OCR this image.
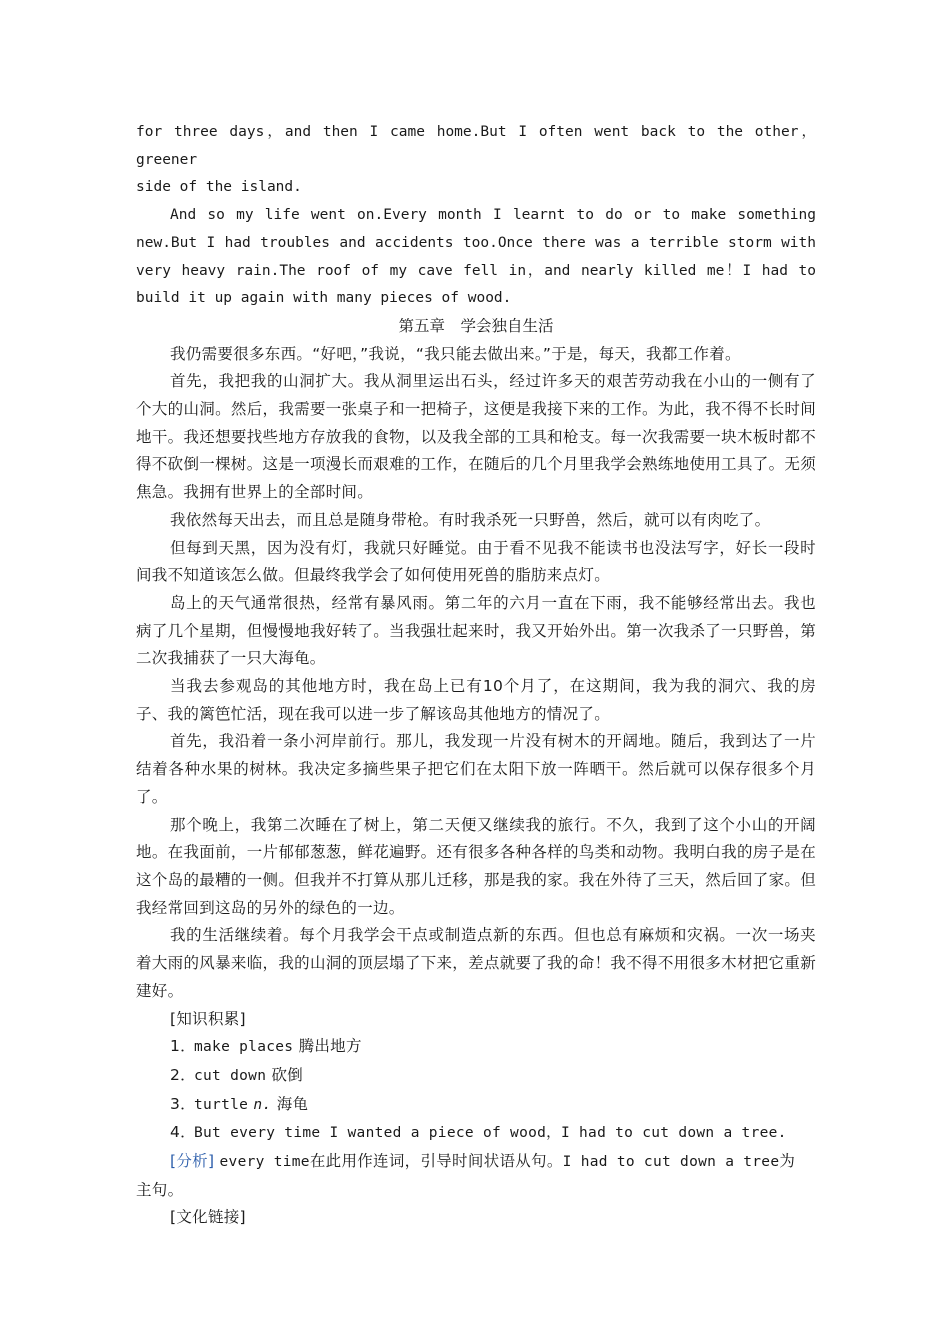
for three days，and then I came home.But I often went back to the other，greener

side of the island.

And so my life went on.Every month I learnt to do or to make something new.But I had troubles and accidents too.Once there was a terrible storm with very heavy rain.The roof of my cave fell in，and nearly killed me！I had to build it up again with many pieces of wood.

第五章　学会独自生活

我仍需要很多东西。“好吧，”我说，“我只能去做出来。”于是，每天，我都工作着。

首先，我把我的山洞扩大。我从洞里运出石头，经过许多天的艰苦劳动我在小山的一侧有了个大的山洞。然后，我需要一张桌子和一把椅子，这便是我接下来的工作。为此，我不得不长时间地干。我还想要找些地方存放我的食物，以及我全部的工具和枪支。每一次我需要一块木板时都不得不砍倒一棵树。这是一项漫长而艰难的工作，在随后的几个月里我学会熟练地使用工具了。无须焦急。我拥有世界上的全部时间。

我依然每天出去，而且总是随身带枪。有时我杀死一只野兽，然后，就可以有肉吃了。

但每到天黑，因为没有灯，我就只好睡觉。由于看不见我不能读书也没法写字，好长一段时间我不知道该怎么做。但最终我学会了如何使用死兽的脂肪来点灯。

岛上的天气通常很热，经常有暴风雨。第二年的六月一直在下雨，我不能够经常出去。我也病了几个星期，但慢慢地我好转了。当我强壮起来时，我又开始外出。第一次我杀了一只野兽，第二次我捕获了一只大海龟。

当我去参观岛的其他地方时，我在岛上已有10个月了，在这期间，我为我的洞穴、我的房子、我的篱笆忙活，现在我可以进一步了解该岛其他地方的情况了。

首先，我沿着一条小河岸前行。那儿，我发现一片没有树木的开阔地。随后，我到达了一片结着各种水果的树林。我决定多摘些果子把它们在太阳下放一阵晒干。然后就可以保存很多个月了。

那个晚上，我第二次睡在了树上，第二天便又继续我的旅行。不久，我到了这个小山的开阔地。在我面前，一片郁郁葱葱，鲜花遍野。还有很多各种各样的鸟类和动物。我明白我的房子是在这个岛的最糟的一侧。但我并不打算从那儿迁移，那是我的家。我在外待了三天，然后回了家。但我经常回到这岛的另外的绿色的一边。

我的生活继续着。每个月我学会干点或制造点新的东西。但也总有麻烦和灾祸。一次一场夹着大雨的风暴来临，我的山洞的顶层塌了下来，差点就要了我的命！我不得不用很多木材把它重新建好。

[知识积累]

1．make places 腾出地方

2．cut down 砍倒

3．turtle n. 海龟

4．But every time I wanted a piece of wood，I had to cut down a tree.

[分析] every time在此用作连词，引导时间状语从句。I had to cut down a tree为

主句。

[文化链接]
